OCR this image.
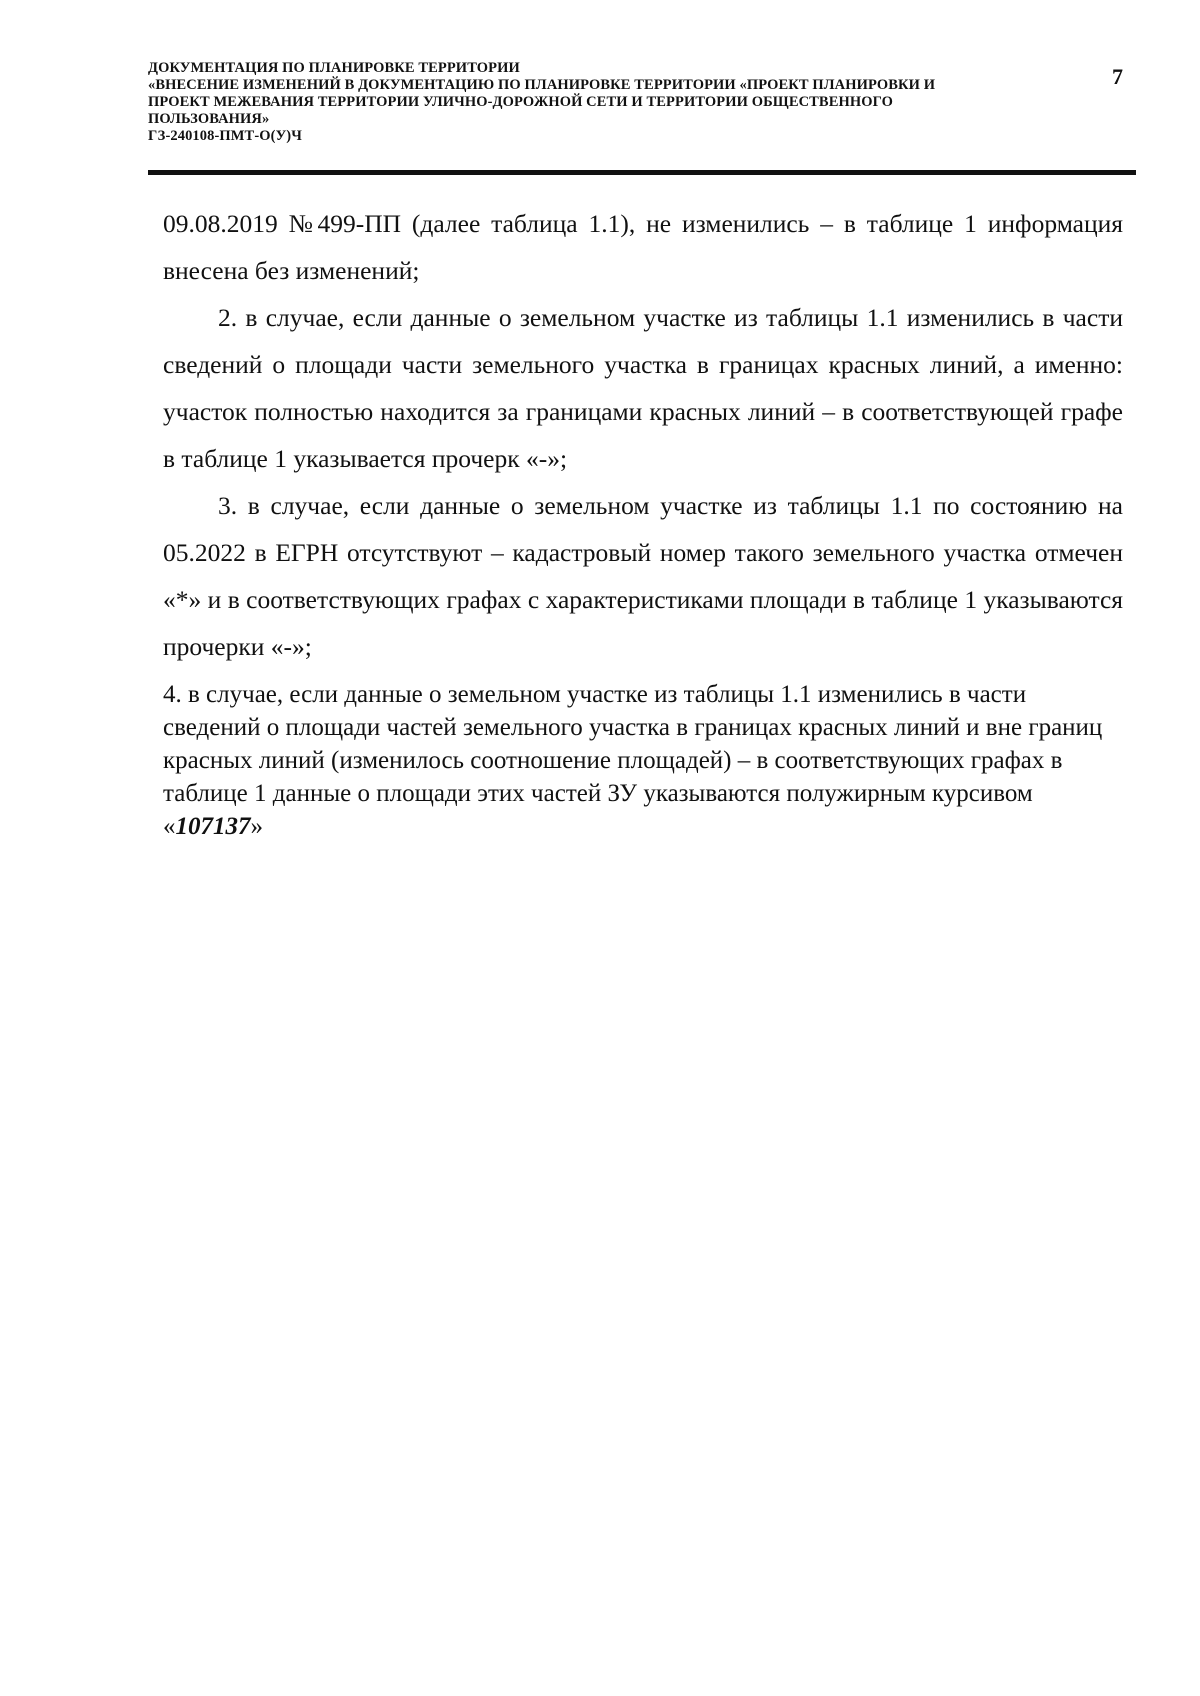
ДОКУМЕНТАЦИЯ ПО ПЛАНИРОВКЕ ТЕРРИТОРИИ
«ВНЕСЕНИЕ ИЗМЕНЕНИЙ В ДОКУМЕНТАЦИЮ ПО ПЛАНИРОВКЕ ТЕРРИТОРИИ «ПРОЕКТ ПЛАНИРОВКИ И
ПРОЕКТ МЕЖЕВАНИЯ ТЕРРИТОРИИ УЛИЧНО-ДОРОЖНОЙ СЕТИ И ТЕРРИТОРИИ ОБЩЕСТВЕННОГО
ПОЛЬЗОВАНИЯ»
ГЗ-240108-ПМТ-О(У)Ч
7

09.08.2019 №499-ПП (далее таблица 1.1), не изменились – в таблице 1 информация внесена без изменений;

2. в случае, если данные о земельном участке из таблицы 1.1 изменились в части сведений о площади части земельного участка в границах красных линий, а именно: участок полностью находится за границами красных линий – в соответствующей графе в таблице 1 указывается прочерк «-»;

3. в случае, если данные о земельном участке из таблицы 1.1 по состоянию на 05.2022 в ЕГРН отсутствуют – кадастровый номер такого земельного участка отмечен «*» и в соответствующих графах с характеристиками площади в таблице 1 указываются прочерки «-»;

4. в случае, если данные о земельном участке из таблицы 1.1 изменились в части сведений о площади частей земельного участка в границах красных линий и вне границ красных линий (изменилось соотношение площадей) – в соответствующих графах в таблице 1 данные о площади этих частей ЗУ указываются полужирным курсивом «107137»
